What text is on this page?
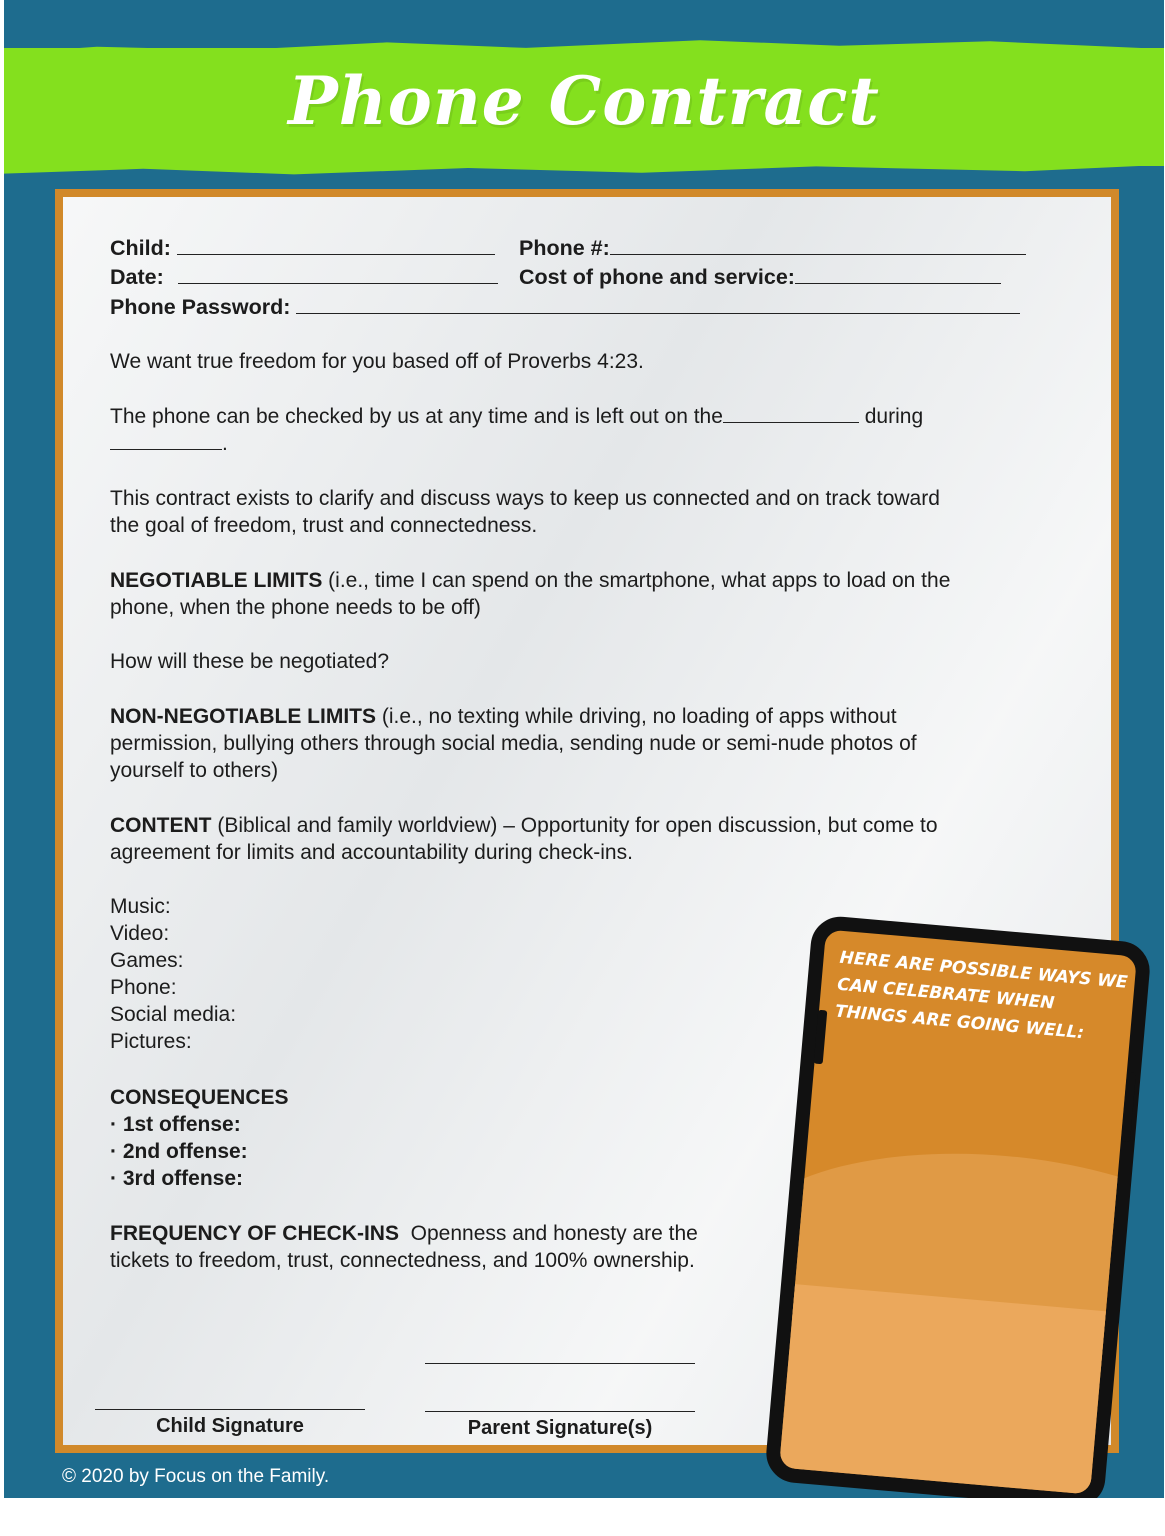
Phone Contract
Child:	Phone #:
Date:	Cost of phone and service:
Phone Password:
We want true freedom for you based off of Proverbs 4:23.
The phone can be checked by us at any time and is left out on the	during
.
This contract exists to clarify and discuss ways to keep us connected and on track toward
the goal of freedom, trust and connectedness.
NEGOTIABLE LIMITS (i.e., time I can spend on the smartphone, what apps to load on the
phone, when the phone needs to be off)
How will these be negotiated?
NON-NEGOTIABLE LIMITS (i.e., no texting while driving, no loading of apps without
permission, bullying others through social media, sending nude or semi-nude photos of
yourself to others)
CONTENT (Biblical and family worldview) – Opportunity for open discussion, but come to
agreement for limits and accountability during check-ins.
Music:
Video:
Games:
Phone:
Social media:
Pictures:
CONSEQUENCES
· 1st offense:
· 2nd offense:
· 3rd offense:
FREQUENCY OF CHECK-INS  Openness and honesty are the
tickets to freedom, trust, connectedness, and 100% ownership.
Child Signature	Parent Signature(s)
© 2020 by Focus on the Family.
HERE ARE POSSIBLE WAYS WE CAN CELEBRATE WHEN THINGS ARE GOING WELL:
